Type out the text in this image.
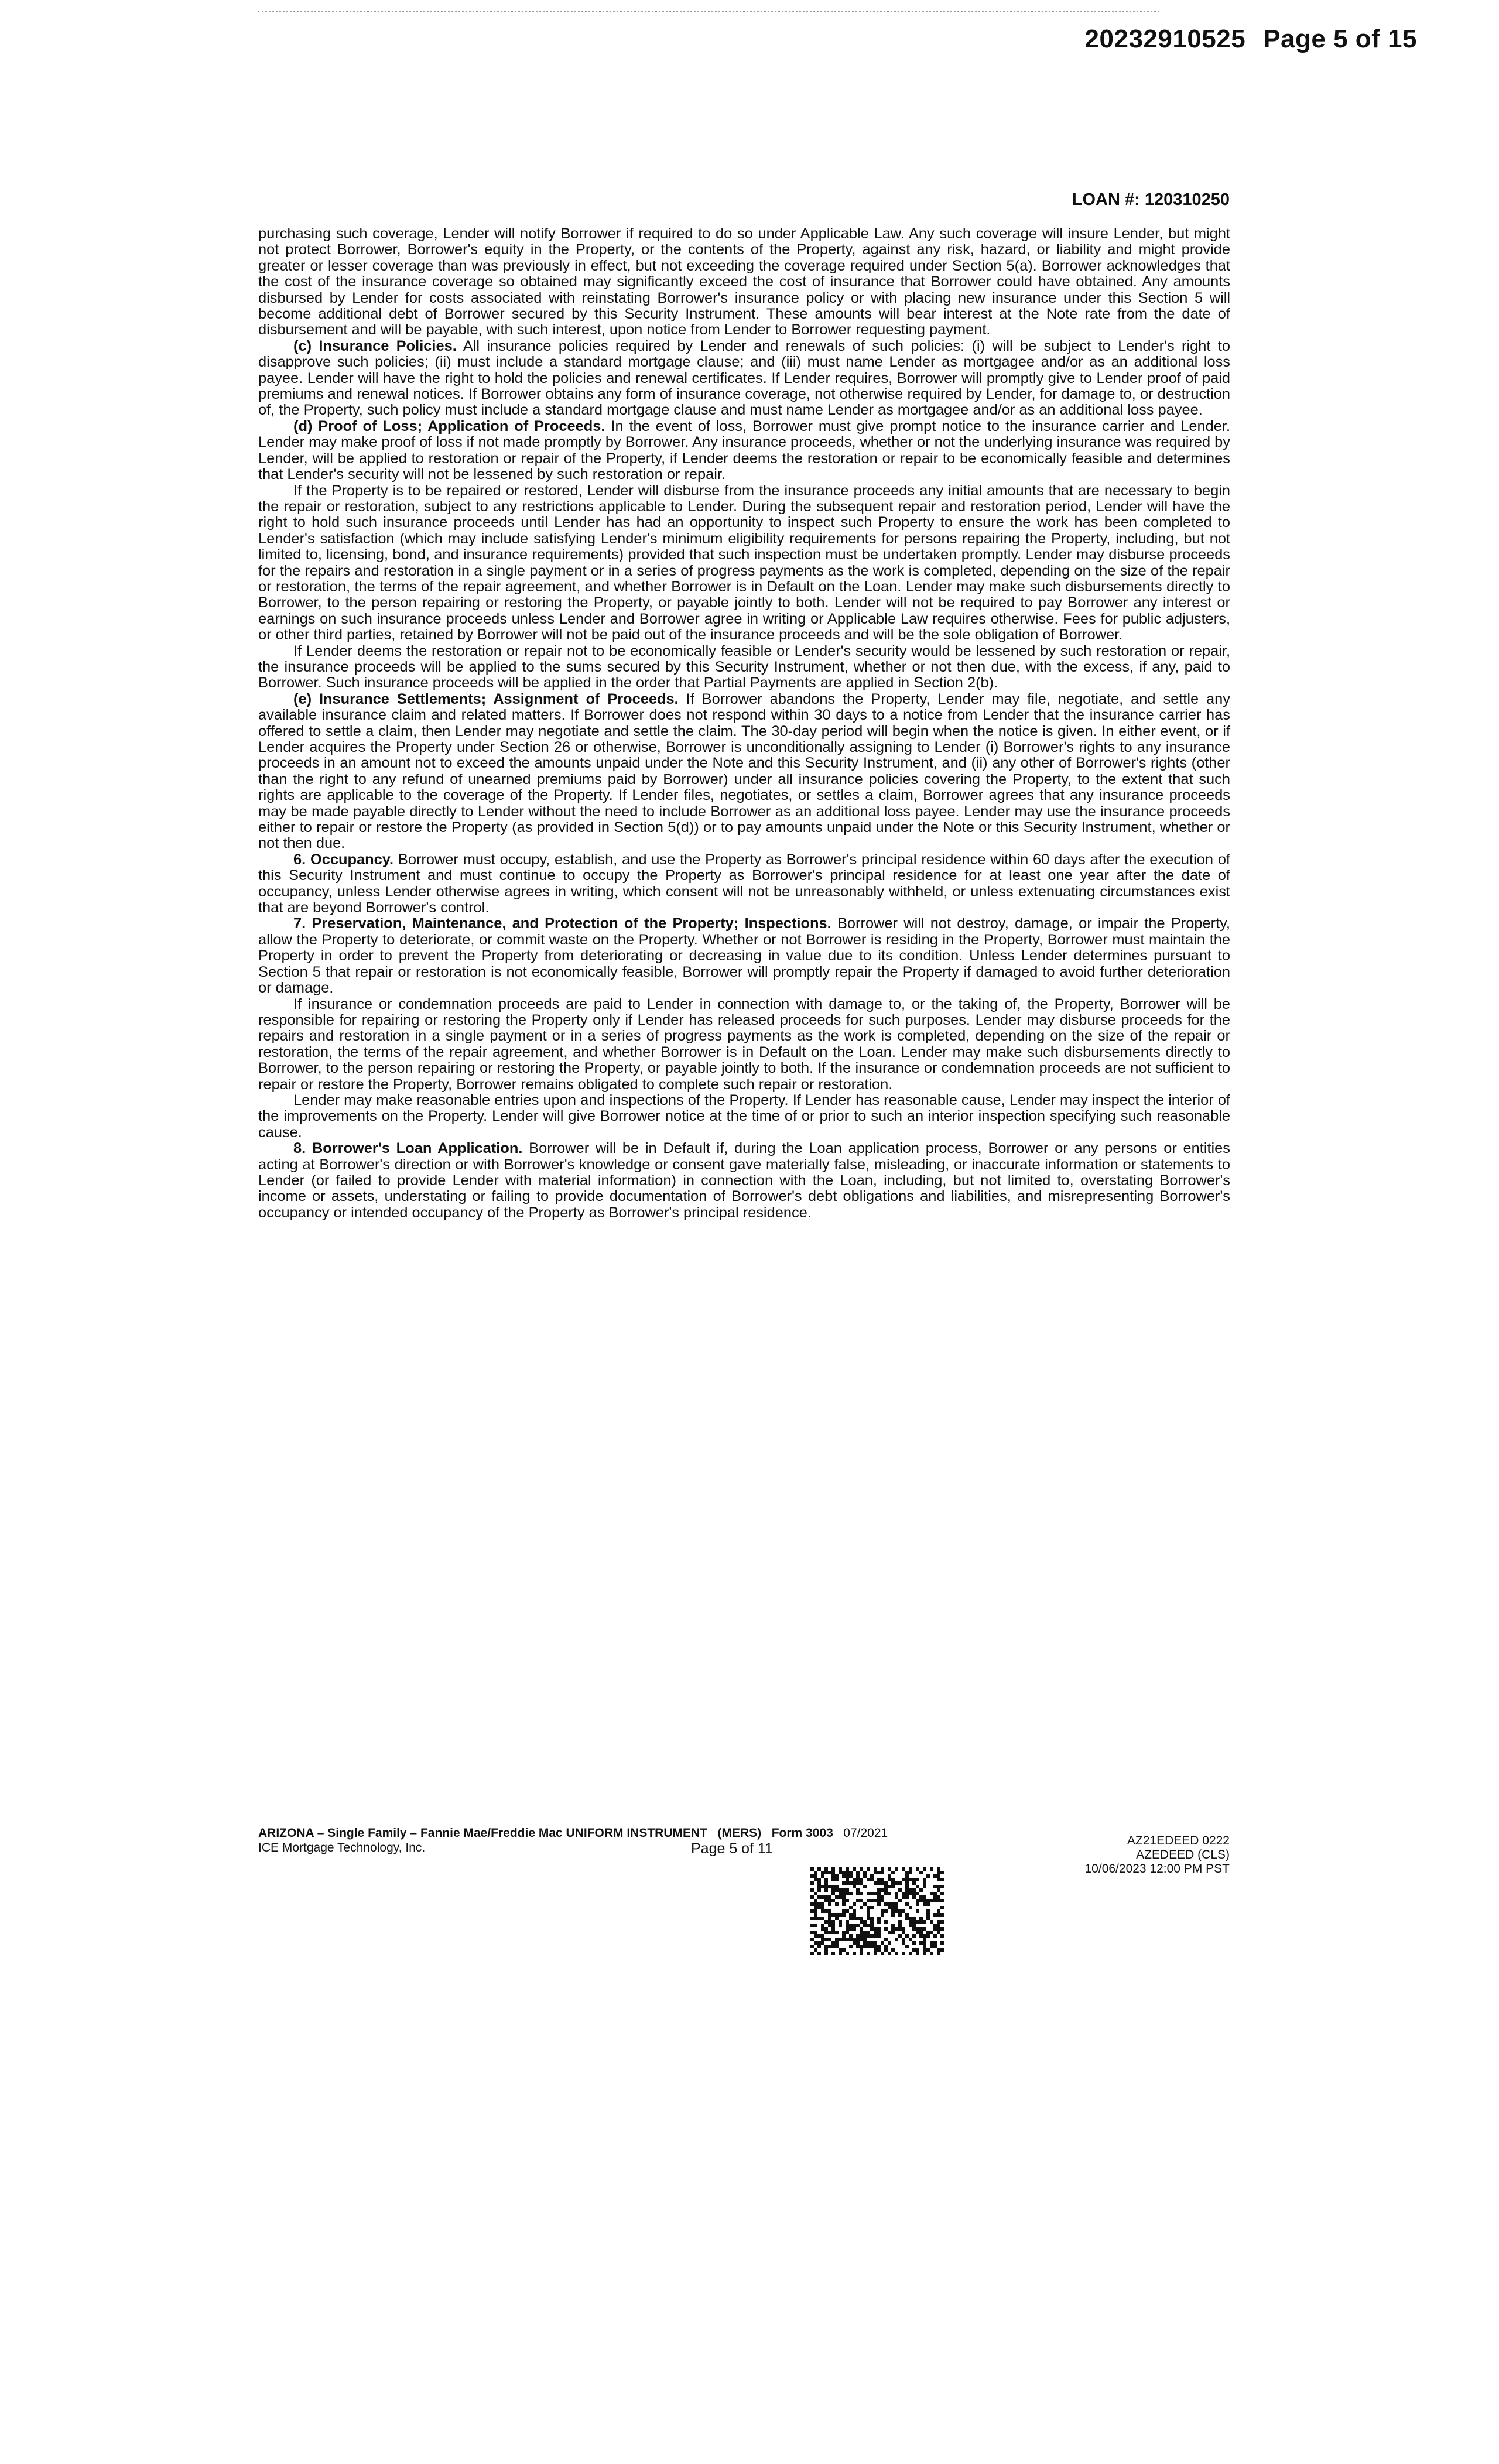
20232910525 Page 5 of 15
LOAN #: 120310250

purchasing such coverage, Lender will notify Borrower if required to do so under Applicable Law. Any such coverage will insure Lender, but might not protect Borrower, Borrower's equity in the Property, or the contents of the Property, against any risk, hazard, or liability and might provide greater or lesser coverage than was previously in effect, but not exceeding the coverage required under Section 5(a). Borrower acknowledges that the cost of the insurance coverage so obtained may significantly exceed the cost of insurance that Borrower could have obtained. Any amounts disbursed by Lender for costs associated with reinstating Borrower's insurance policy or with placing new insurance under this Section 5 will become additional debt of Borrower secured by this Security Instrument. These amounts will bear interest at the Note rate from the date of disbursement and will be payable, with such interest, upon notice from Lender to Borrower requesting payment.

(c) Insurance Policies. All insurance policies required by Lender and renewals of such policies: (i) will be subject to Lender's right to disapprove such policies; (ii) must include a standard mortgage clause; and (iii) must name Lender as mortgagee and/or as an additional loss payee. Lender will have the right to hold the policies and renewal certificates. If Lender requires, Borrower will promptly give to Lender proof of paid premiums and renewal notices. If Borrower obtains any form of insurance coverage, not otherwise required by Lender, for damage to, or destruction of, the Property, such policy must include a standard mortgage clause and must name Lender as mortgagee and/or as an additional loss payee.

(d) Proof of Loss; Application of Proceeds. In the event of loss, Borrower must give prompt notice to the insurance carrier and Lender. Lender may make proof of loss if not made promptly by Borrower. Any insurance proceeds, whether or not the underlying insurance was required by Lender, will be applied to restoration or repair of the Property, if Lender deems the restoration or repair to be economically feasible and determines that Lender's security will not be lessened by such restoration or repair.

If the Property is to be repaired or restored, Lender will disburse from the insurance proceeds any initial amounts that are necessary to begin the repair or restoration, subject to any restrictions applicable to Lender. During the subsequent repair and restoration period, Lender will have the right to hold such insurance proceeds until Lender has had an opportunity to inspect such Property to ensure the work has been completed to Lender's satisfaction (which may include satisfying Lender's minimum eligibility requirements for persons repairing the Property, including, but not limited to, licensing, bond, and insurance requirements) provided that such inspection must be undertaken promptly. Lender may disburse proceeds for the repairs and restoration in a single payment or in a series of progress payments as the work is completed, depending on the size of the repair or restoration, the terms of the repair agreement, and whether Borrower is in Default on the Loan. Lender may make such disbursements directly to Borrower, to the person repairing or restoring the Property, or payable jointly to both. Lender will not be required to pay Borrower any interest or earnings on such insurance proceeds unless Lender and Borrower agree in writing or Applicable Law requires otherwise. Fees for public adjusters, or other third parties, retained by Borrower will not be paid out of the insurance proceeds and will be the sole obligation of Borrower.

If Lender deems the restoration or repair not to be economically feasible or Lender's security would be lessened by such restoration or repair, the insurance proceeds will be applied to the sums secured by this Security Instrument, whether or not then due, with the excess, if any, paid to Borrower. Such insurance proceeds will be applied in the order that Partial Payments are applied in Section 2(b).

(e) Insurance Settlements; Assignment of Proceeds. If Borrower abandons the Property, Lender may file, negotiate, and settle any available insurance claim and related matters. If Borrower does not respond within 30 days to a notice from Lender that the insurance carrier has offered to settle a claim, then Lender may negotiate and settle the claim. The 30-day period will begin when the notice is given. In either event, or if Lender acquires the Property under Section 26 or otherwise, Borrower is unconditionally assigning to Lender (i) Borrower's rights to any insurance proceeds in an amount not to exceed the amounts unpaid under the Note and this Security Instrument, and (ii) any other of Borrower's rights (other than the right to any refund of unearned premiums paid by Borrower) under all insurance policies covering the Property, to the extent that such rights are applicable to the coverage of the Property. If Lender files, negotiates, or settles a claim, Borrower agrees that any insurance proceeds may be made payable directly to Lender without the need to include Borrower as an additional loss payee. Lender may use the insurance proceeds either to repair or restore the Property (as provided in Section 5(d)) or to pay amounts unpaid under the Note or this Security Instrument, whether or not then due.

6. Occupancy. Borrower must occupy, establish, and use the Property as Borrower's principal residence within 60 days after the execution of this Security Instrument and must continue to occupy the Property as Borrower's principal residence for at least one year after the date of occupancy, unless Lender otherwise agrees in writing, which consent will not be unreasonably withheld, or unless extenuating circumstances exist that are beyond Borrower's control.

7. Preservation, Maintenance, and Protection of the Property; Inspections. Borrower will not destroy, damage, or impair the Property, allow the Property to deteriorate, or commit waste on the Property. Whether or not Borrower is residing in the Property, Borrower must maintain the Property in order to prevent the Property from deteriorating or decreasing in value due to its condition. Unless Lender determines pursuant to Section 5 that repair or restoration is not economically feasible, Borrower will promptly repair the Property if damaged to avoid further deterioration or damage.

If insurance or condemnation proceeds are paid to Lender in connection with damage to, or the taking of, the Property, Borrower will be responsible for repairing or restoring the Property only if Lender has released proceeds for such purposes. Lender may disburse proceeds for the repairs and restoration in a single payment or in a series of progress payments as the work is completed, depending on the size of the repair or restoration, the terms of the repair agreement, and whether Borrower is in Default on the Loan. Lender may make such disbursements directly to Borrower, to the person repairing or restoring the Property, or payable jointly to both. If the insurance or condemnation proceeds are not sufficient to repair or restore the Property, Borrower remains obligated to complete such repair or restoration.

Lender may make reasonable entries upon and inspections of the Property. If Lender has reasonable cause, Lender may inspect the interior of the improvements on the Property. Lender will give Borrower notice at the time of or prior to such an interior inspection specifying such reasonable cause.

8. Borrower's Loan Application. Borrower will be in Default if, during the Loan application process, Borrower or any persons or entities acting at Borrower's direction or with Borrower's knowledge or consent gave materially false, misleading, or inaccurate information or statements to Lender (or failed to provide Lender with material information) in connection with the Loan, including, but not limited to, overstating Borrower's income or assets, understating or failing to provide documentation of Borrower's debt obligations and liabilities, and misrepresenting Borrower's occupancy or intended occupancy of the Property as Borrower's principal residence.

ARIZONA – Single Family – Fannie Mae/Freddie Mac UNIFORM INSTRUMENT (MERS) Form 3003 07/2021
ICE Mortgage Technology, Inc.	Page 5 of 11	AZ21EDEED 0222
AZEDEED (CLS)
10/06/2023 12:00 PM PST
